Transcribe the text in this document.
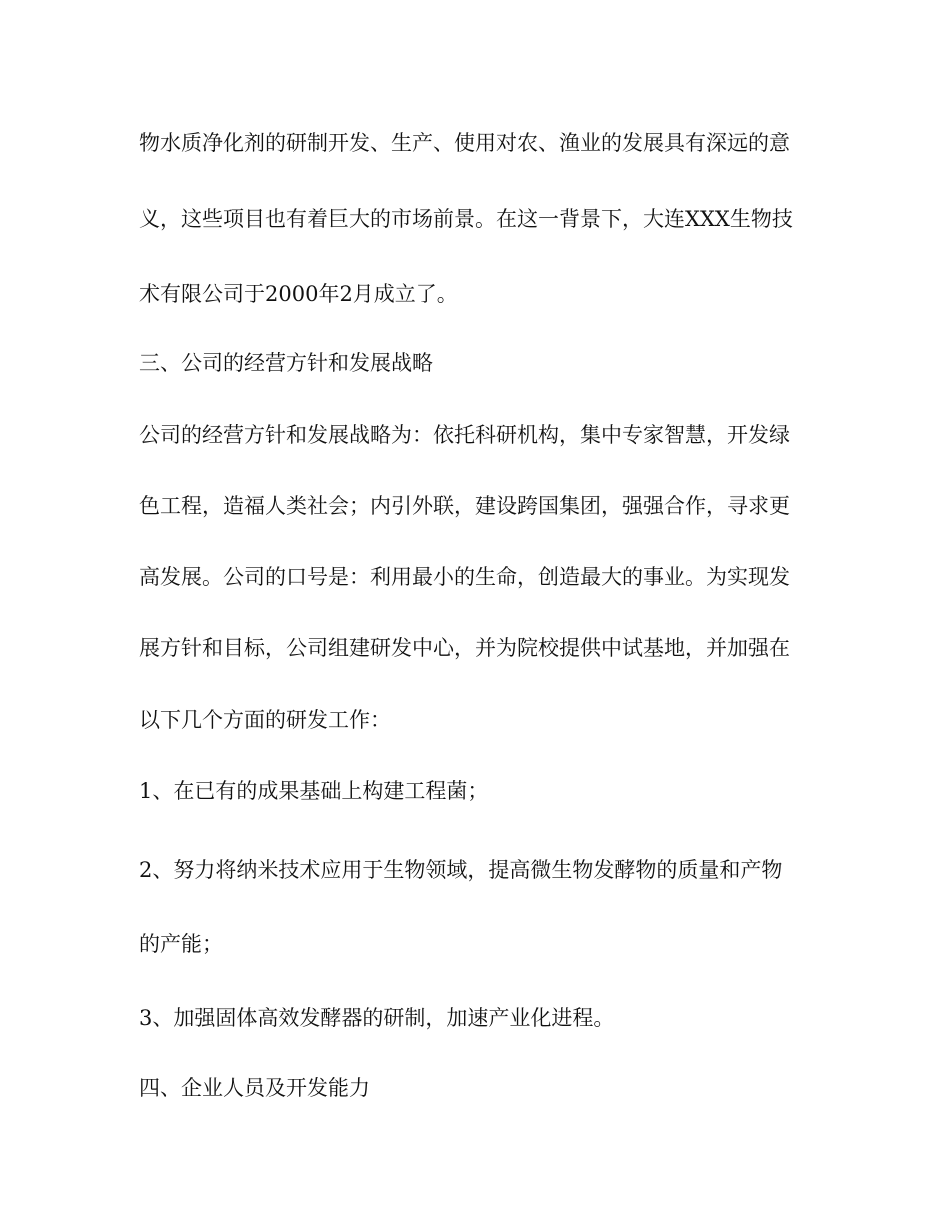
物水质净化剂的研制开发、生产、使用对农、渔业的发展具有深远的意
义，这些项目也有着巨大的市场前景。在这一背景下，大连XXX生物技
术有限公司于2000年2月成立了。
三、公司的经营方针和发展战略
公司的经营方针和发展战略为：依托科研机构，集中专家智慧，开发绿
色工程，造福人类社会；内引外联，建设跨国集团，强强合作，寻求更
高发展。公司的口号是：利用最小的生命，创造最大的事业。为实现发
展方针和目标，公司组建研发中心，并为院校提供中试基地，并加强在
以下几个方面的研发工作：
1、在已有的成果基础上构建工程菌；
2、努力将纳米技术应用于生物领域，提高微生物发酵物的质量和产物
的产能；
3、加强固体高效发酵器的研制，加速产业化进程。
四、企业人员及开发能力
